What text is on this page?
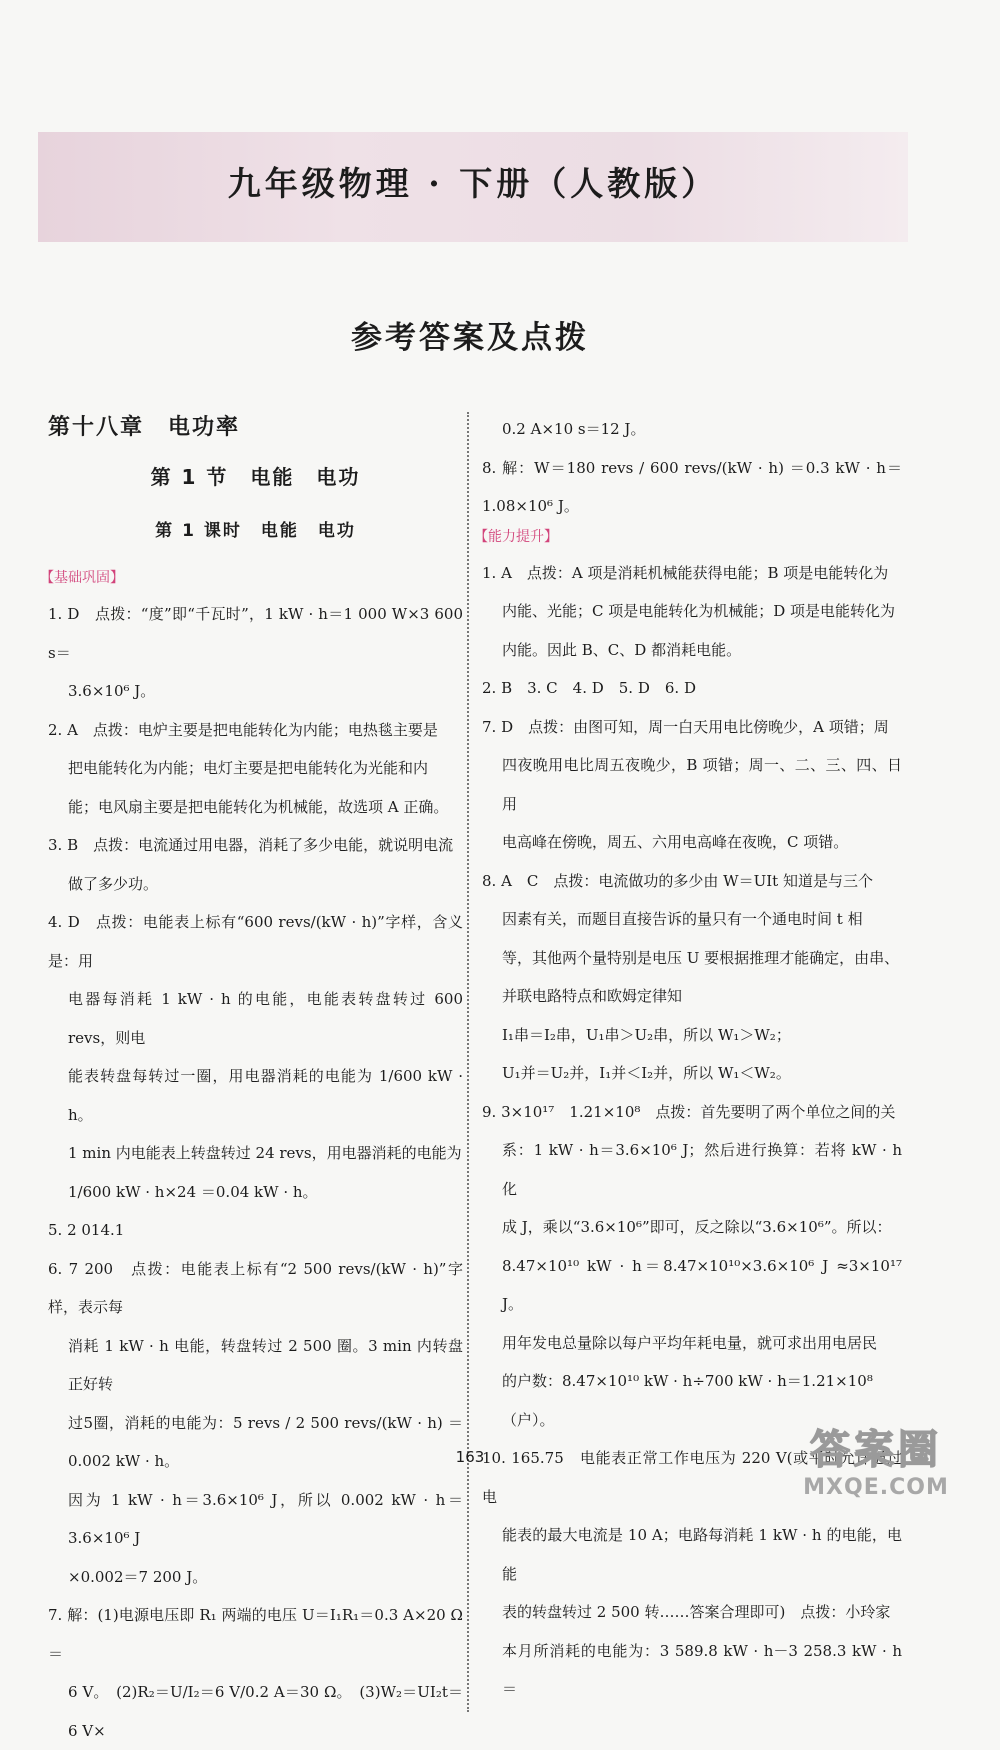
九年级物理 · 下册（人教版）
参考答案及点拨
第十八章　电功率
第 1 节　电能　电功
第 1 课时　电能　电功
【基础巩固】
1. D　点拨：“度”即“千瓦时”，1 kW · h＝1 000 W×3 600 s＝
3.6×10⁶ J。
2. A　点拨：电炉主要是把电能转化为内能；电热毯主要是
把电能转化为内能；电灯主要是把电能转化为光能和内
能；电风扇主要是把电能转化为机械能，故选项 A 正确。
3. B　点拨：电流通过用电器，消耗了多少电能，就说明电流
做了多少功。
4. D　点拨：电能表上标有“600 revs/(kW · h)”字样，含义是：用
电器每消耗 1 kW · h 的电能，电能表转盘转过 600 revs，则电
能表转盘每转过一圈，用电器消耗的电能为 1/600 kW · h。
1 min 内电能表上转盘转过 24 revs，用电器消耗的电能为
1/600 kW · h×24 ＝0.04 kW · h。
5. 2 014.1
6. 7 200　点拨：电能表上标有“2 500 revs/(kW · h)”字样，表示每
消耗 1 kW · h 电能，转盘转过 2 500 圈。3 min 内转盘正好转
过5圈，消耗的电能为：5 revs / 2 500 revs/(kW · h) ＝0.002 kW · h。
因为 1 kW · h＝3.6×10⁶ J，所以 0.002 kW · h＝3.6×10⁶ J
×0.002＝7 200 J。
7. 解：(1)电源电压即 R₁ 两端的电压 U＝I₁R₁＝0.3 A×20 Ω＝
6 V。　(2)R₂＝U/I₂＝6 V/0.2 A＝30 Ω。　(3)W₂＝UI₂t＝6 V×
0.2 A×10 s＝12 J。
8. 解：W＝180 revs / 600 revs/(kW · h) ＝0.3 kW · h＝1.08×10⁶ J。
【能力提升】
1. A　点拨：A 项是消耗机械能获得电能；B 项是电能转化为
内能、光能；C 项是电能转化为机械能；D 项是电能转化为
内能。因此 B、C、D 都消耗电能。
2. B　3. C　4. D　5. D　6. D
7. D　点拨：由图可知，周一白天用电比傍晚少，A 项错；周
四夜晚用电比周五夜晚少，B 项错；周一、二、三、四、日用
电高峰在傍晚，周五、六用电高峰在夜晚，C 项错。
8. A　C　点拨：电流做功的多少由 W＝UIt 知道是与三个
因素有关，而题目直接告诉的量只有一个通电时间 t 相
等，其他两个量特别是电压 U 要根据推理才能确定，由串、
并联电路特点和欧姆定律知
I₁串＝I₂串，U₁串＞U₂串，所以 W₁＞W₂；
U₁并＝U₂并，I₁并＜I₂并，所以 W₁＜W₂。
9. 3×10¹⁷　1.21×10⁸　点拨：首先要明了两个单位之间的关
系：1 kW · h＝3.6×10⁶ J；然后进行换算：若将 kW · h 化
成 J，乘以“3.6×10⁶”即可，反之除以“3.6×10⁶”。所以：
8.47×10¹⁰ kW · h＝8.47×10¹⁰×3.6×10⁶ J ≈3×10¹⁷ J。
用年发电总量除以每户平均年耗电量，就可求出用电居民
的户数：8.47×10¹⁰ kW · h÷700 kW · h＝1.21×10⁸
（户）。
10. 165.75　电能表正常工作电压为 220 V(或平时允许通过电
能表的最大电流是 10 A；电路每消耗 1 kW · h 的电能，电能
表的转盘转过 2 500 转……答案合理即可)　点拨：小玲家
本月所消耗的电能为：3 589.8 kW · h－3 258.3 kW · h＝
163	答案圈
MXQE.COM
